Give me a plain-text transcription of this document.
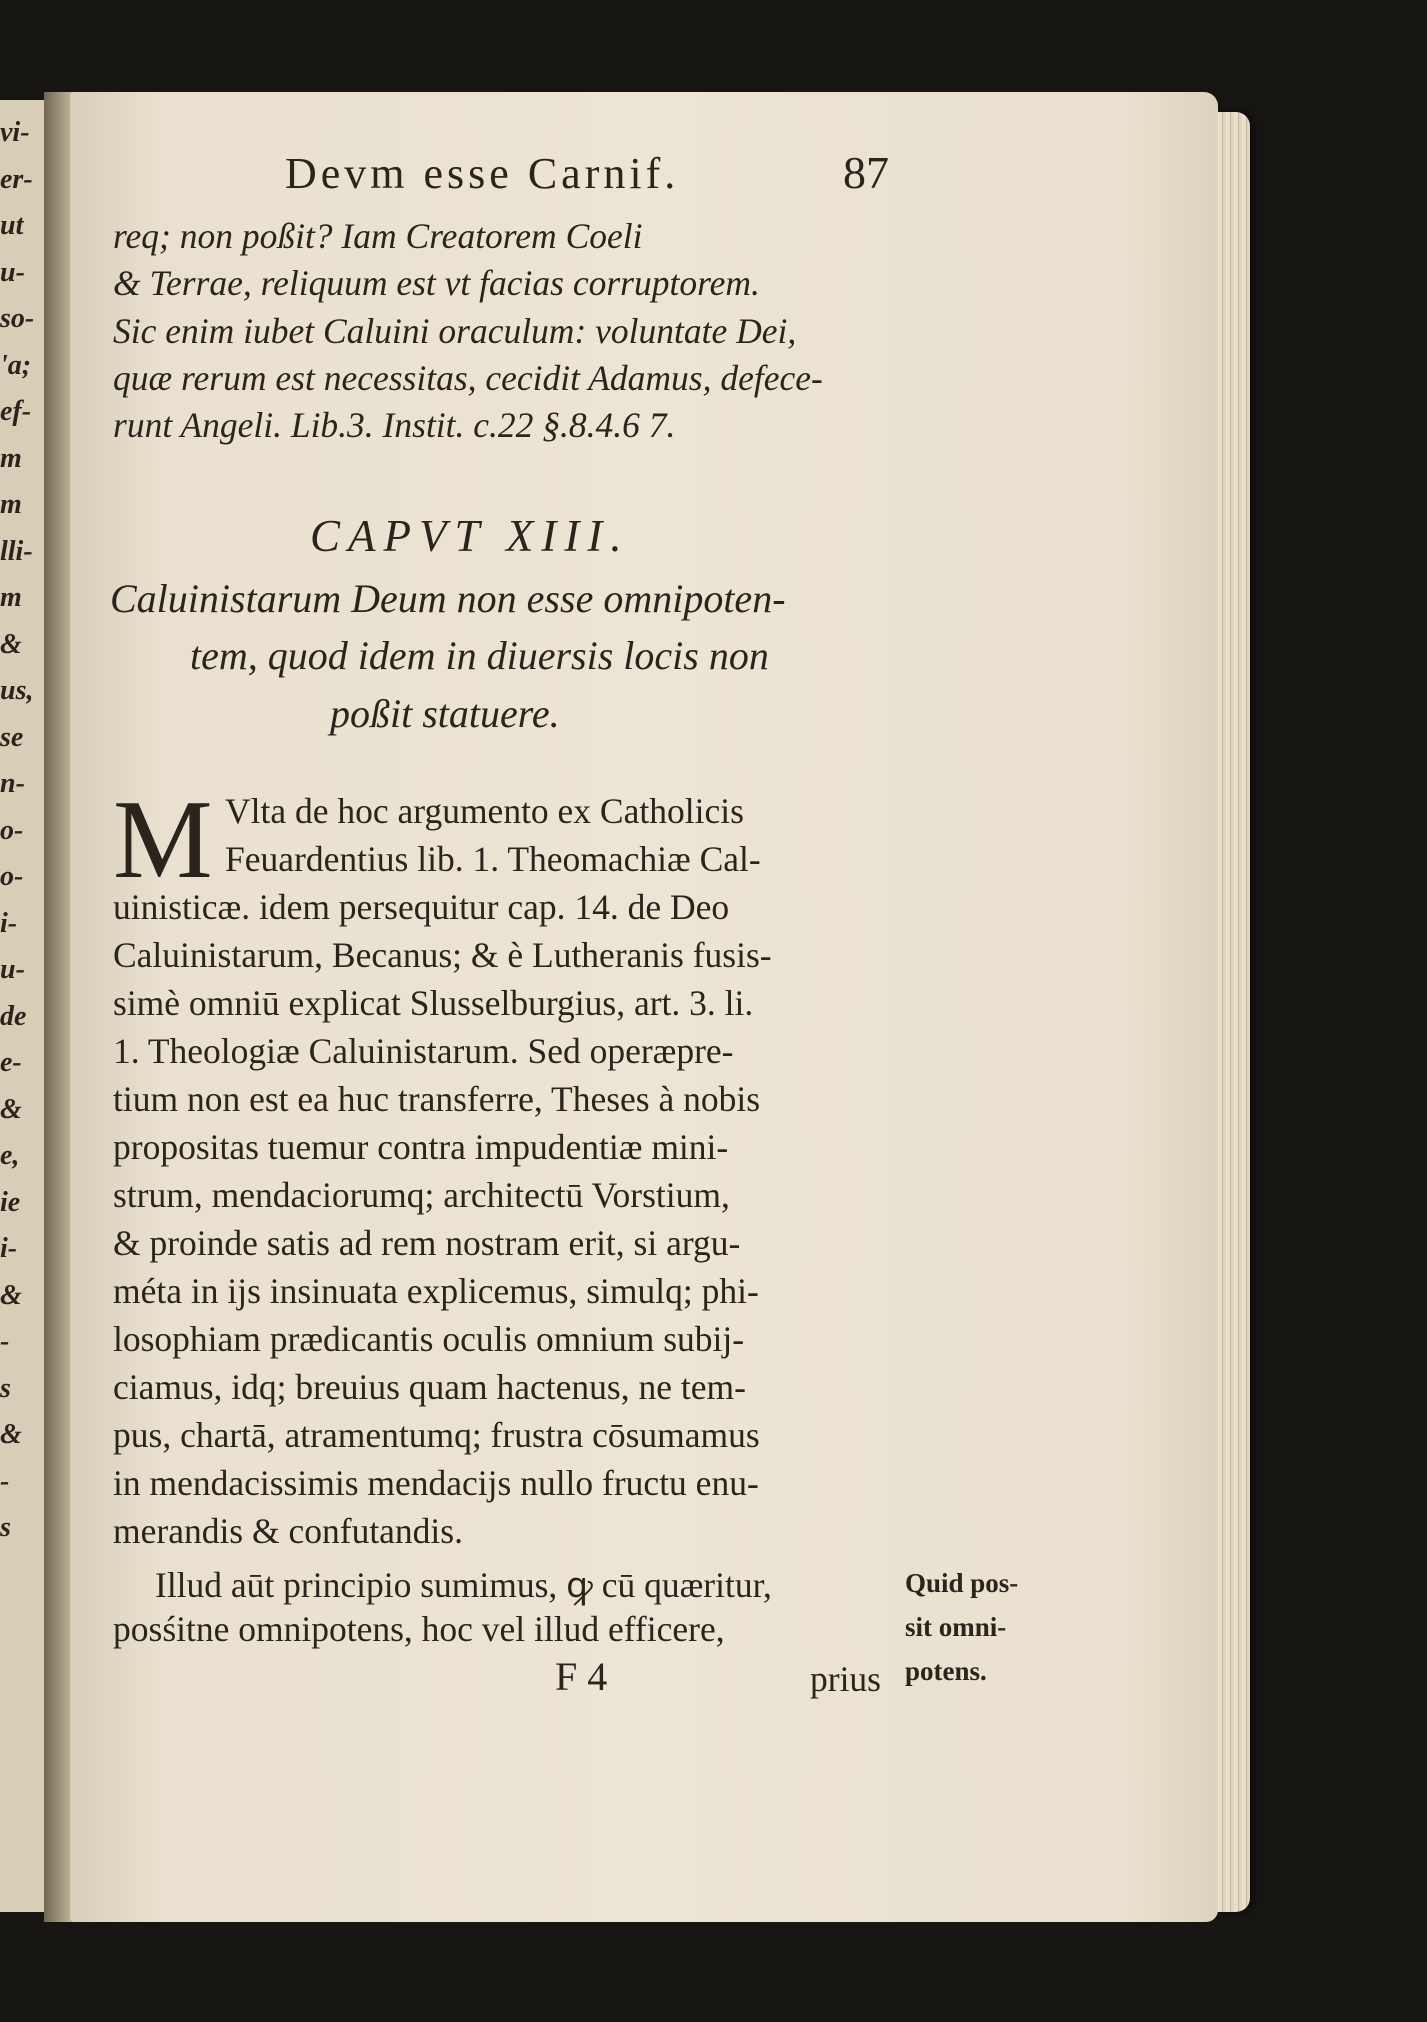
vi-
er-
ut
u-
so-
'a;
ef-
m
m
lli-
m
&
us,
se
n-
o-
o-
i-
u-
de
e-
&
e,
ie
i-
&
-
s
&
-
s
Devm esse Carnif.	87
req; non poßit? Iam Creatorem Coeli
& Terrae, reliquum est vt facias corruptorem.
Sic enim iubet Caluini oraculum: voluntate Dei,
quæ rerum est necessitas, cecidit Adamus, defece-
runt Angeli. Lib.3. Instit. c.22 §.8.4.6 7.
CAPVT XIII.
Caluinistarum Deum non esse omnipoten-
tem, quod idem in diuersis locis non
poßit statuere.
M Vlta de hoc argumento ex Catholicis
Feuardentius lib. 1. Theomachiæ Cal-
uinisticæ. idem persequitur cap. 14. de Deo
Caluinistarum, Becanus; & è Lutheranis fusis-
simè omniū explicat Slusselburgius, art. 3. li.
1. Theologiæ Caluinistarum. Sed operæpre-
tium non est ea huc transferre, Theses à nobis
propositas tuemur contra impudentiæ mini-
strum, mendaciorumq; architectū Vorstium,
& proinde satis ad rem nostram erit, si argu-
méta in ijs insinuata explicemus, simulq; phi-
losophiam prædicantis oculis omnium subij-
ciamus, idq; breuius quam hactenus, ne tem-
pus, chartā, atramentumq; frustra cōsumamus
in mendacissimis mendacijs nullo fructu enu-
merandis & confutandis.
Illud aūt principio sumimus, ꝙ cū quæritur,
posśitne omnipotens, hoc vel illud efficere,
Quid pos-
sit omni-
potens.
F 4	prius
